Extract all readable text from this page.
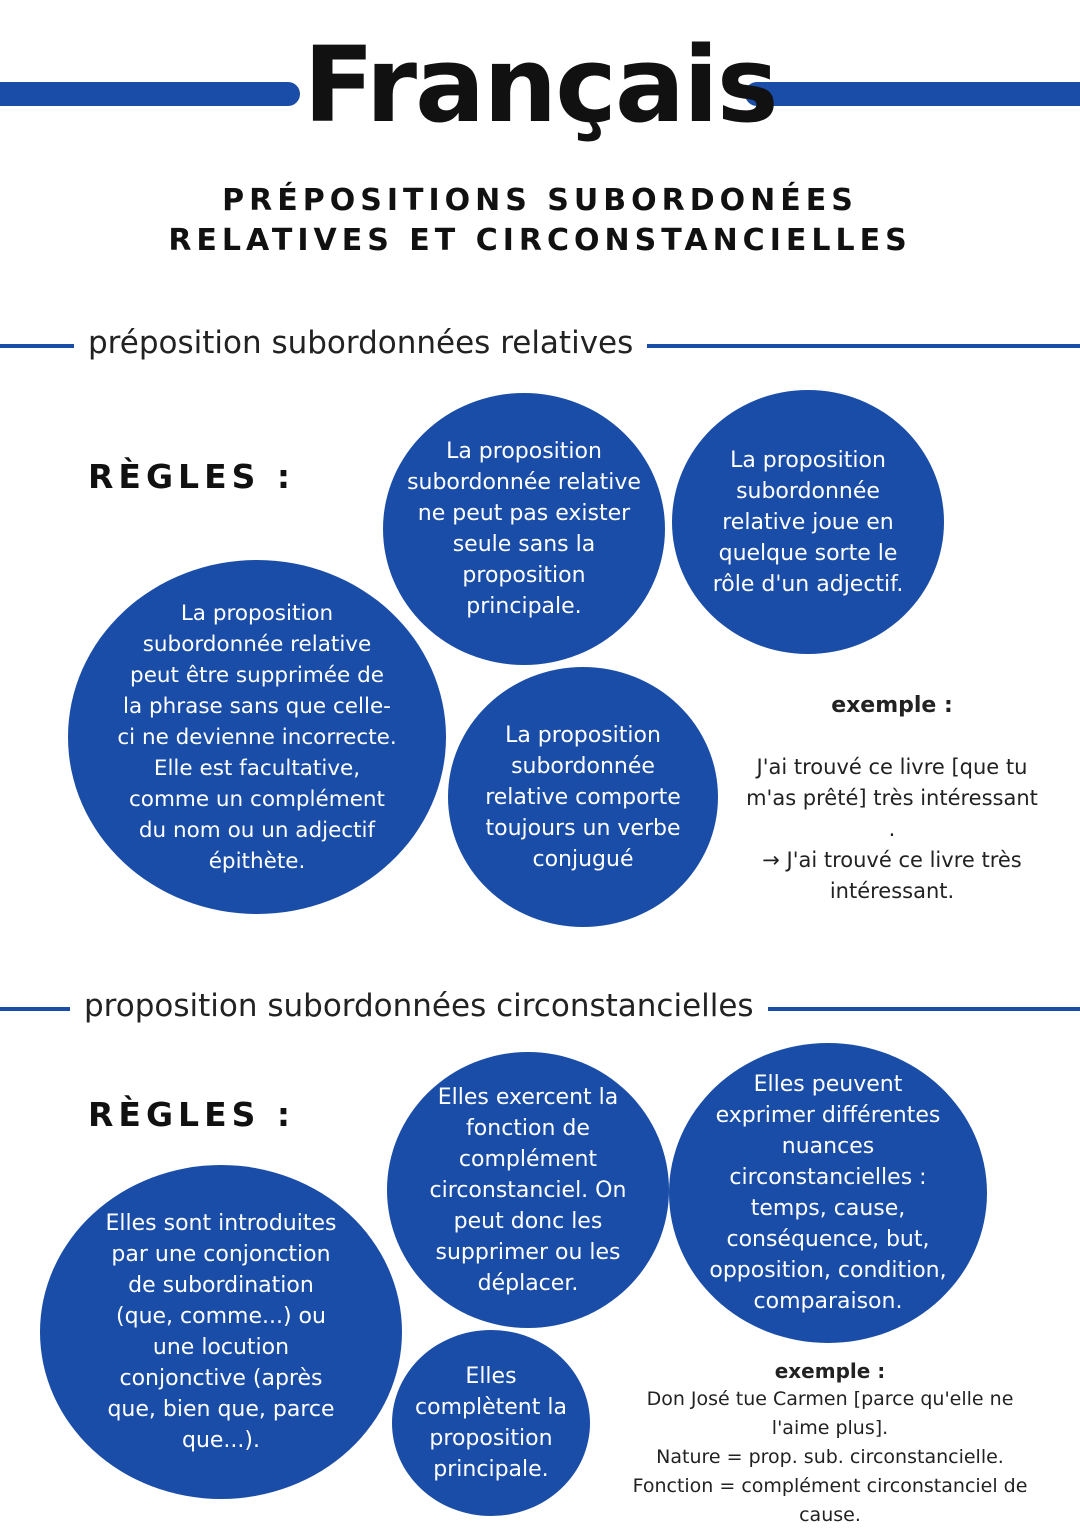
Français
PRÉPOSITIONS SUBORDONÉES
RELATIVES ET CIRCONSTANCIELLES
préposition subordonnées relatives
RÈGLES :
La proposition
subordonnée relative
ne peut pas exister
seule sans la
proposition
principale.
La proposition
subordonnée
relative joue en
quelque sorte le
rôle d'un adjectif.
La proposition
subordonnée relative
peut être supprimée de
la phrase sans que celle-
ci ne devienne incorrecte.
Elle est facultative,
comme un complément
du nom ou un adjectif
épithète.
La proposition
subordonnée
relative comporte
toujours un verbe
conjugué
exemple :
J'ai trouvé ce livre [que tu
m'as prêté] très intéressant
.
→ J'ai trouvé ce livre très
intéressant.
proposition subordonnées circonstancielles
RÈGLES :	Elles exercent la
fonction de
complément
circonstanciel. On
peut donc les
supprimer ou les
déplacer.
Elles peuvent
exprimer différentes
nuances
circonstancielles :
temps, cause,
conséquence, but,
opposition, condition,
comparaison.
Elles sont introduites
par une conjonction
de subordination
(que, comme...) ou
une locution
conjonctive (après
que, bien que, parce
que...).
Elles
complètent la
proposition
principale.
exemple :
Don José tue Carmen [parce qu'elle ne
l'aime plus].
Nature = prop. sub. circonstancielle.
Fonction = complément circonstanciel de
cause.
